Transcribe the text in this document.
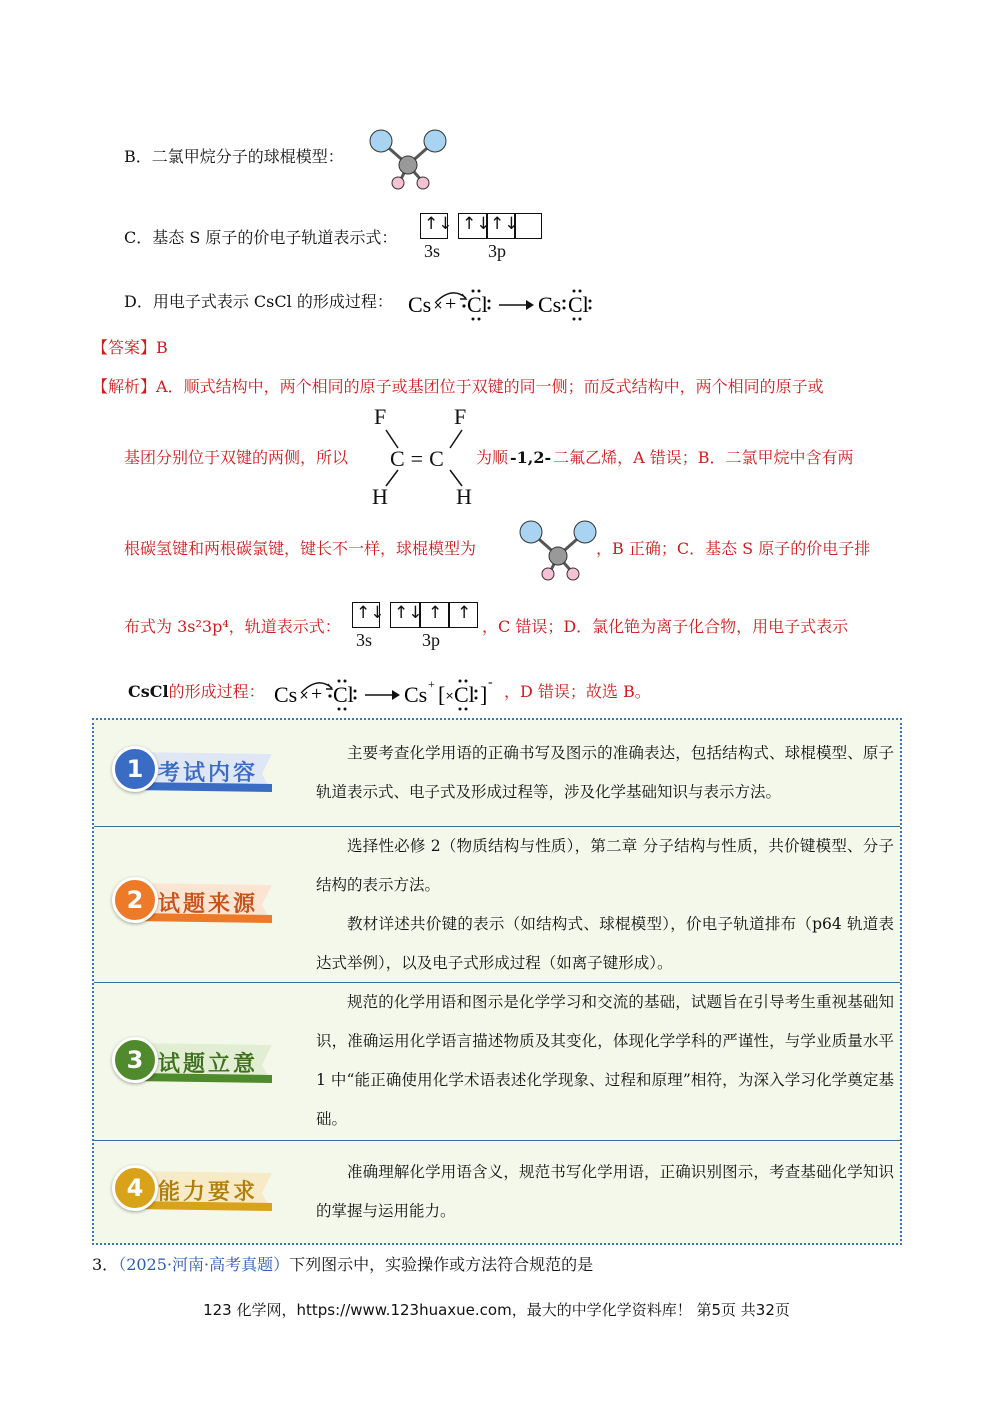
B．二氯甲烷分子的球棍模型：
C．基态 S 原子的价电子轨道表示式：
↑↓ ↑↓ ↑↓
3s	3p
D．用电子式表示 CsCl 的形成过程： Cs × + Cl Cs Cl
【答案】B
【解析】A．顺式结构中，两个相同的原子或基团位于双键的同一侧；而反式结构中，两个相同的原子或
基团分别位于双键的两侧，所以
F	F
C=C
H	H
为顺 -1,2- 二氟乙烯，A 错误；B．二氯甲烷中含有两
根碳氢键和两根碳氯键，键长不一样，球棍模型为	，B 正确；C．基态 S 原子的价电子排
布式为 3s²3p⁴，轨道表示式：
↑↓ ↑↓ ↑ ↑
3s	3p
，C 错误；D．氯化铯为离子化合物，用电子式表示
CsCl的形成过程： Cs × + Cl Cs + [ × Cl ] - ，D 错误；故选 B。
1 考试内容

主要考查化学用语的正确书写及图示的准确表达，包括结构式、球棍模型、原子轨道表示式、电子式及形成过程等，涉及化学基础知识与表示方法。

2 试题来源

选择性必修 2（物质结构与性质），第二章 分子结构与性质，共价键模型、分子结构的表示方法。

教材详述共价键的表示（如结构式、球棍模型），价电子轨道排布（p64 轨道表达式举例），以及电子式形成过程（如离子键形成）。

3 试题立意

规范的化学用语和图示是化学学习和交流的基础，试题旨在引导考生重视基础知识，准确运用化学语言描述物质及其变化，体现化学学科的严谨性，与学业质量水平 1 中“能正确使用化学术语表述化学现象、过程和原理”相符，为深入学习化学奠定基础。

4 能力要求

准确理解化学用语含义，规范书写化学用语，正确识别图示，考查基础化学知识的掌握与运用能力。

3．（2025·河南·高考真题）下列图示中，实验操作或方法符合规范的是
123 化学网，https://www.123huaxue.com，最大的中学化学资料库！ 第5页 共32页
